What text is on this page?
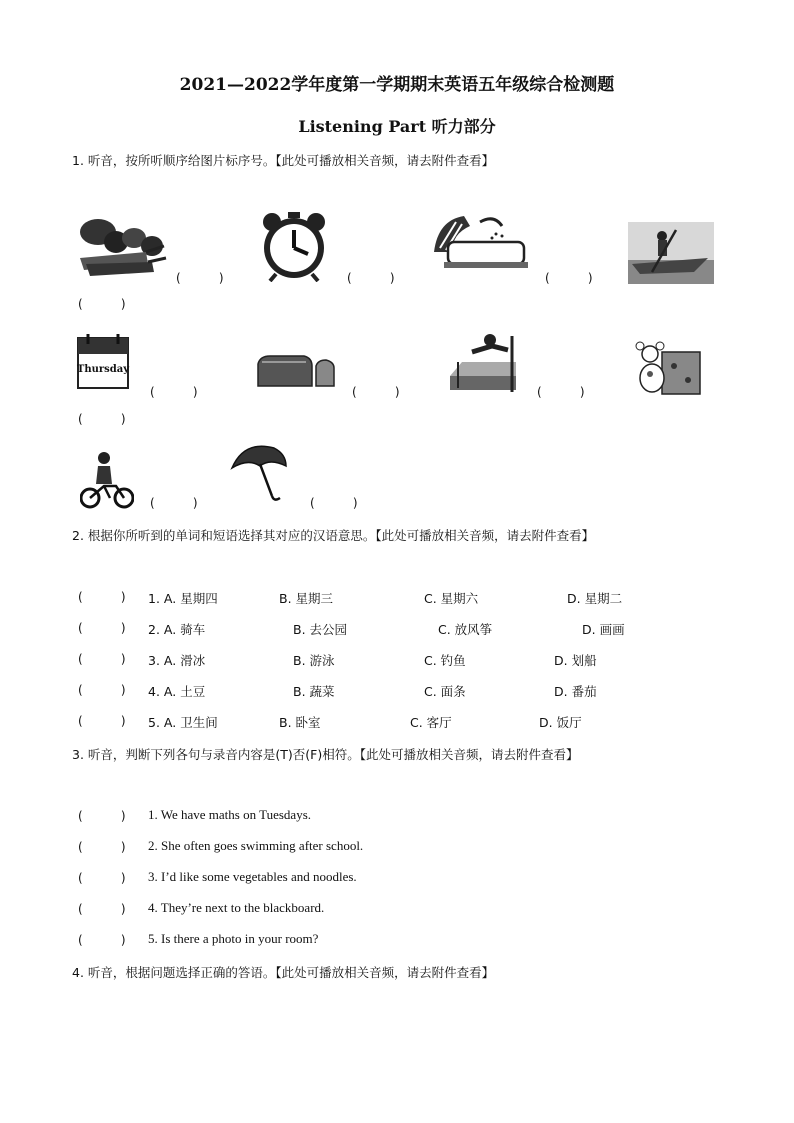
2021—2022学年度第一学期期末英语五年级综合检测题
Listening Part 听力部分
1. 听音，按所听顺序给图片标序号。【此处可播放相关音频，请去附件查看】
(          )	(          )	(          )
(          )
Thursday
(          )	(          )	(          )
(          )
(          )	(          )
2. 根据你所听到的单词和短语选择其对应的汉语意思。【此处可播放相关音频，请去附件查看】
(          ) 1. A. 星期四	B. 星期三	C. 星期六	D. 星期二
(          ) 2. A. 骑车	B. 去公园	C. 放风筝	D. 画画
(          ) 3. A. 滑冰	B. 游泳	C. 钓鱼	D. 划船
(          ) 4. A. 土豆	B. 蔬菜	C. 面条	D. 番茄
(          ) 5. A. 卫生间	B. 卧室	C. 客厅	D. 饭厅
3. 听音，判断下列各句与录音内容是(T)否(F)相符。【此处可播放相关音频，请去附件查看】
(          ) 1. We have maths on Tuesdays.
(          ) 2. She often goes swimming after school.
(          ) 3. I’d like some vegetables and noodles.
(          ) 4. They’re next to the blackboard.
(          ) 5. Is there a photo in your room?
4. 听音，根据问题选择正确的答语。【此处可播放相关音频，请去附件查看】
